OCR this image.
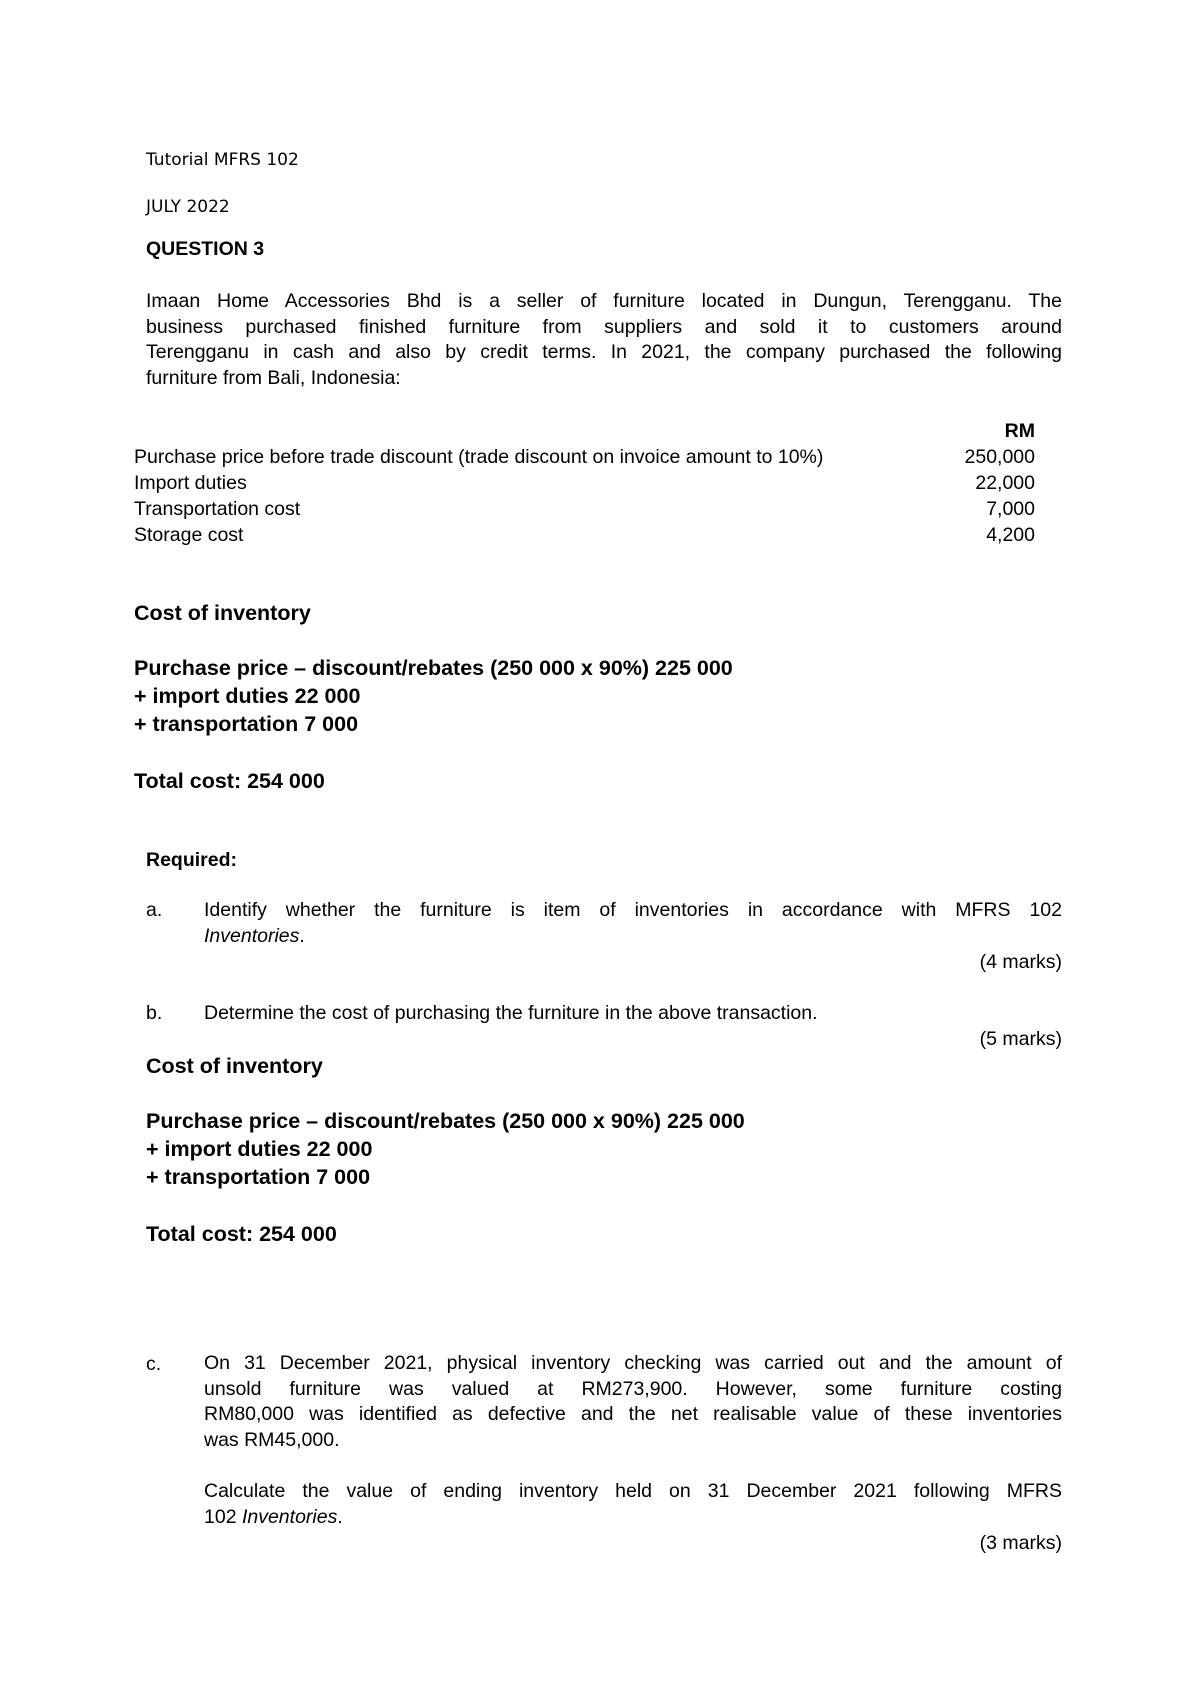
Tutorial MFRS 102
JULY 2022
QUESTION 3
Imaan Home Accessories Bhd is a seller of furniture located in Dungun, Terengganu. The
business purchased finished furniture from suppliers and sold it to customers around
Terengganu in cash and also by credit terms. In 2021, the company purchased the following
furniture from Bali, Indonesia:
RM
Purchase price before trade discount (trade discount on invoice amount to 10%)	250,000
Import duties	22,000
Transportation cost	7,000
Storage cost	4,200
Cost of inventory
Purchase price – discount/rebates (250 000 x 90%) 225 000
+ import duties 22 000
+ transportation 7 000
Total cost: 254 000
Required:
a. Identify whether the furniture is item of inventories in accordance with MFRS 102
Inventories.
(4 marks)
b. Determine the cost of purchasing the furniture in the above transaction.
(5 marks)
Cost of inventory
Purchase price – discount/rebates (250 000 x 90%) 225 000
+ import duties 22 000
+ transportation 7 000
Total cost: 254 000
c. On 31 December 2021, physical inventory checking was carried out and the amount of
unsold furniture was valued at RM273,900. However, some furniture costing
RM80,000 was identified as defective and the net realisable value of these inventories
was RM45,000.
Calculate the value of ending inventory held on 31 December 2021 following MFRS
102 Inventories.
(3 marks)
